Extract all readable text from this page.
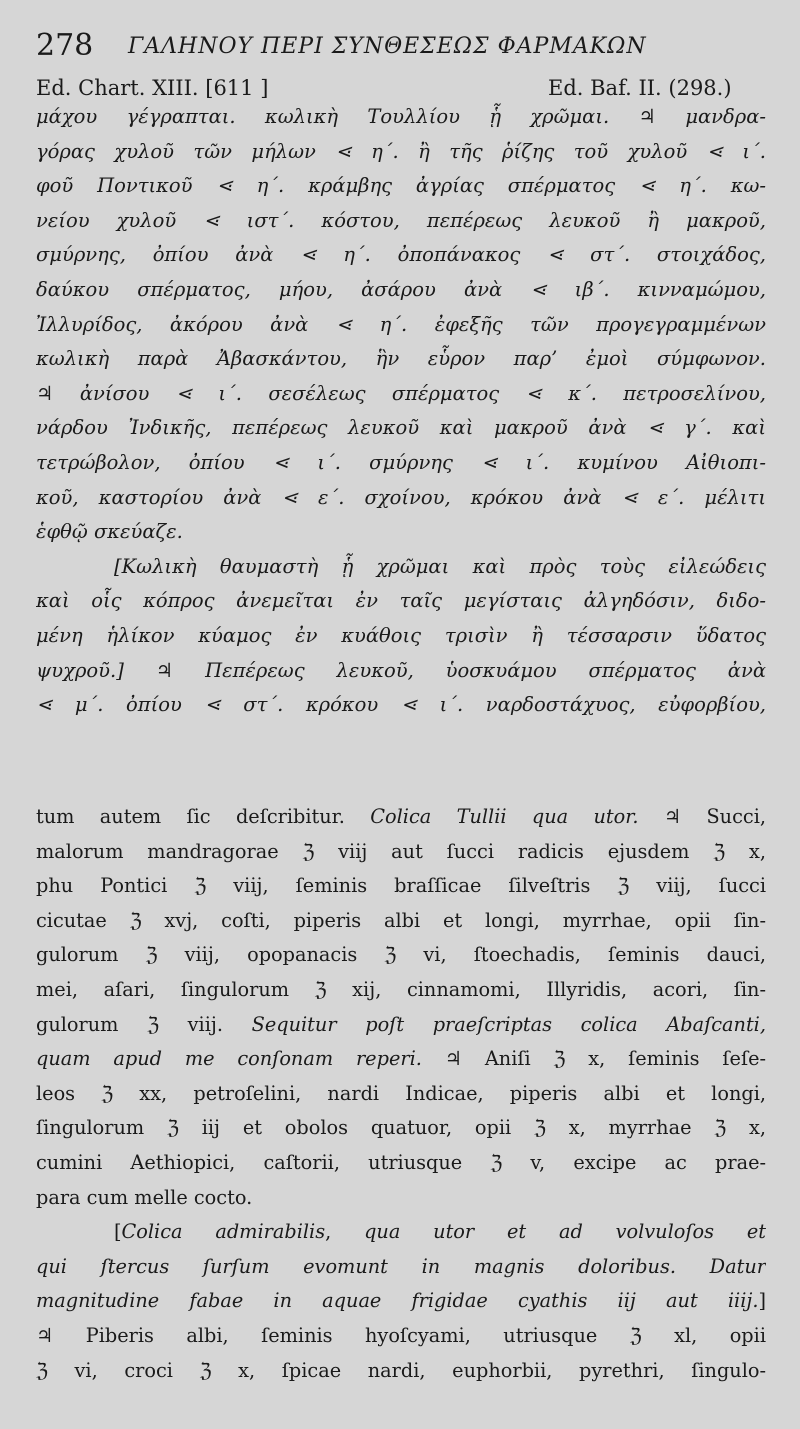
278 ΓΑΛΗΝΟΥ ΠΕΡΙ ΣΥΝΘΕΣΕΩΣ ΦΑΡΜΑΚΩΝ
Ed. Chart. XIII. [611 ]	Ed. Baf. II. (298.)
μάχου γέγραπται. κωλικὴ Τουλλίου ᾗ χρῶμαι. ♃ μανδρα-
γόρας χυλοῦ τῶν μήλων ⋖ η΄. ἢ τῆς ῥίζης τοῦ χυλοῦ ⋖ ι΄.
φοῦ Ποντικοῦ ⋖ η΄. κράμβης ἀγρίας σπέρματος ⋖ η΄. κω-
νείου χυλοῦ ⋖ ιστ΄. κόστου, πεπέρεως λευκοῦ ἢ μακροῦ,
σμύρνης, ὀπίου ἀνὰ ⋖ η΄. ὀποπάνακος ⋖ στ΄. στοιχάδος,
δαύκου σπέρματος, μήου, ἀσάρου ἀνὰ ⋖ ιβ΄. κινναμώμου,
Ἰλλυρίδος, ἀκόρου ἀνὰ ⋖ η΄. ἐφεξῆς τῶν προγεγραμμένων
κωλικὴ παρὰ Ἀβασκάντου, ἣν εὗρον παρ’ ἐμοὶ σύμφωνον.
♃ ἀνίσου ⋖ ι΄. σεσέλεως σπέρματος ⋖ κ΄. πετροσελίνου,
νάρδου Ἰνδικῆς, πεπέρεως λευκοῦ καὶ μακροῦ ἀνὰ ⋖ γ΄. καὶ
τετρώβολον, ὀπίου ⋖ ι΄. σμύρνης ⋖ ι΄. κυμίνου Αἰθιοπι-
κοῦ, καστορίου ἀνὰ ⋖ ε΄. σχοίνου, κρόκου ἀνὰ ⋖ ε΄. μέλιτι
ἑφθῷ σκεύαζε.
[Κωλικὴ θαυμαστὴ ᾗ χρῶμαι καὶ πρὸς τοὺς εἰλεώδεις
καὶ οἷς κόπρος ἀνεμεῖται ἐν ταῖς μεγίσταις ἀλγηδόσιν, διδο-
μένη ἡλίκον κύαμος ἐν κυάθοις τρισὶν ἢ τέσσαρσιν ὕδατος
ψυχροῦ.] ♃ Πεπέρεως λευκοῦ, ὑοσκυάμου σπέρματος ἀνὰ
⋖ μ΄. ὀπίου ⋖ στ΄. κρόκου ⋖ ι΄. ναρδοστάχυος, εὐφορβίου,
tum autem ſic deſcribitur. Colica Tullii qua utor. ♃ Succi,
malorum mandragorae ℨ viij aut ſucci radicis ejusdem ℨ x,
phu Pontici ℨ viij, ſeminis braſſicae ſilveſtris ℨ viij, ſucci
cicutae ℨ xvj, coſti, piperis albi et longi, myrrhae, opii ſin-
gulorum ℨ viij, opopanacis ℨ vi, ſtoechadis, ſeminis dauci,
mei, aſari, ſingulorum ℨ xij, cinnamomi, Illyridis, acori, ſin-
gulorum ℨ viij. Sequitur poſt praeſcriptas colica Abaſcanti,
quam apud me conſonam reperi. ♃ Aniſi ℨ x, ſeminis ſeſe-
leos ℨ xx, petroſelini, nardi Indicae, piperis albi et longi,
ſingulorum ℨ iij et obolos quatuor, opii ℨ x, myrrhae ℨ x,
cumini Aethiopici, caſtorii, utriusque ℨ v, excipe ac prae-
para cum melle cocto.
[Colica admirabilis, qua utor et ad volvuloſos et
qui ſtercus ſurſum evomunt in magnis doloribus. Datur
magnitudine fabae in aquae frigidae cyathis iij aut iiij.]
♃ Piberis albi, ſeminis hyoſcyami, utriusque ℨ xl, opii
ℨ vi, croci ℨ x, ſpicae nardi, euphorbii, pyrethri, ſingulo-
